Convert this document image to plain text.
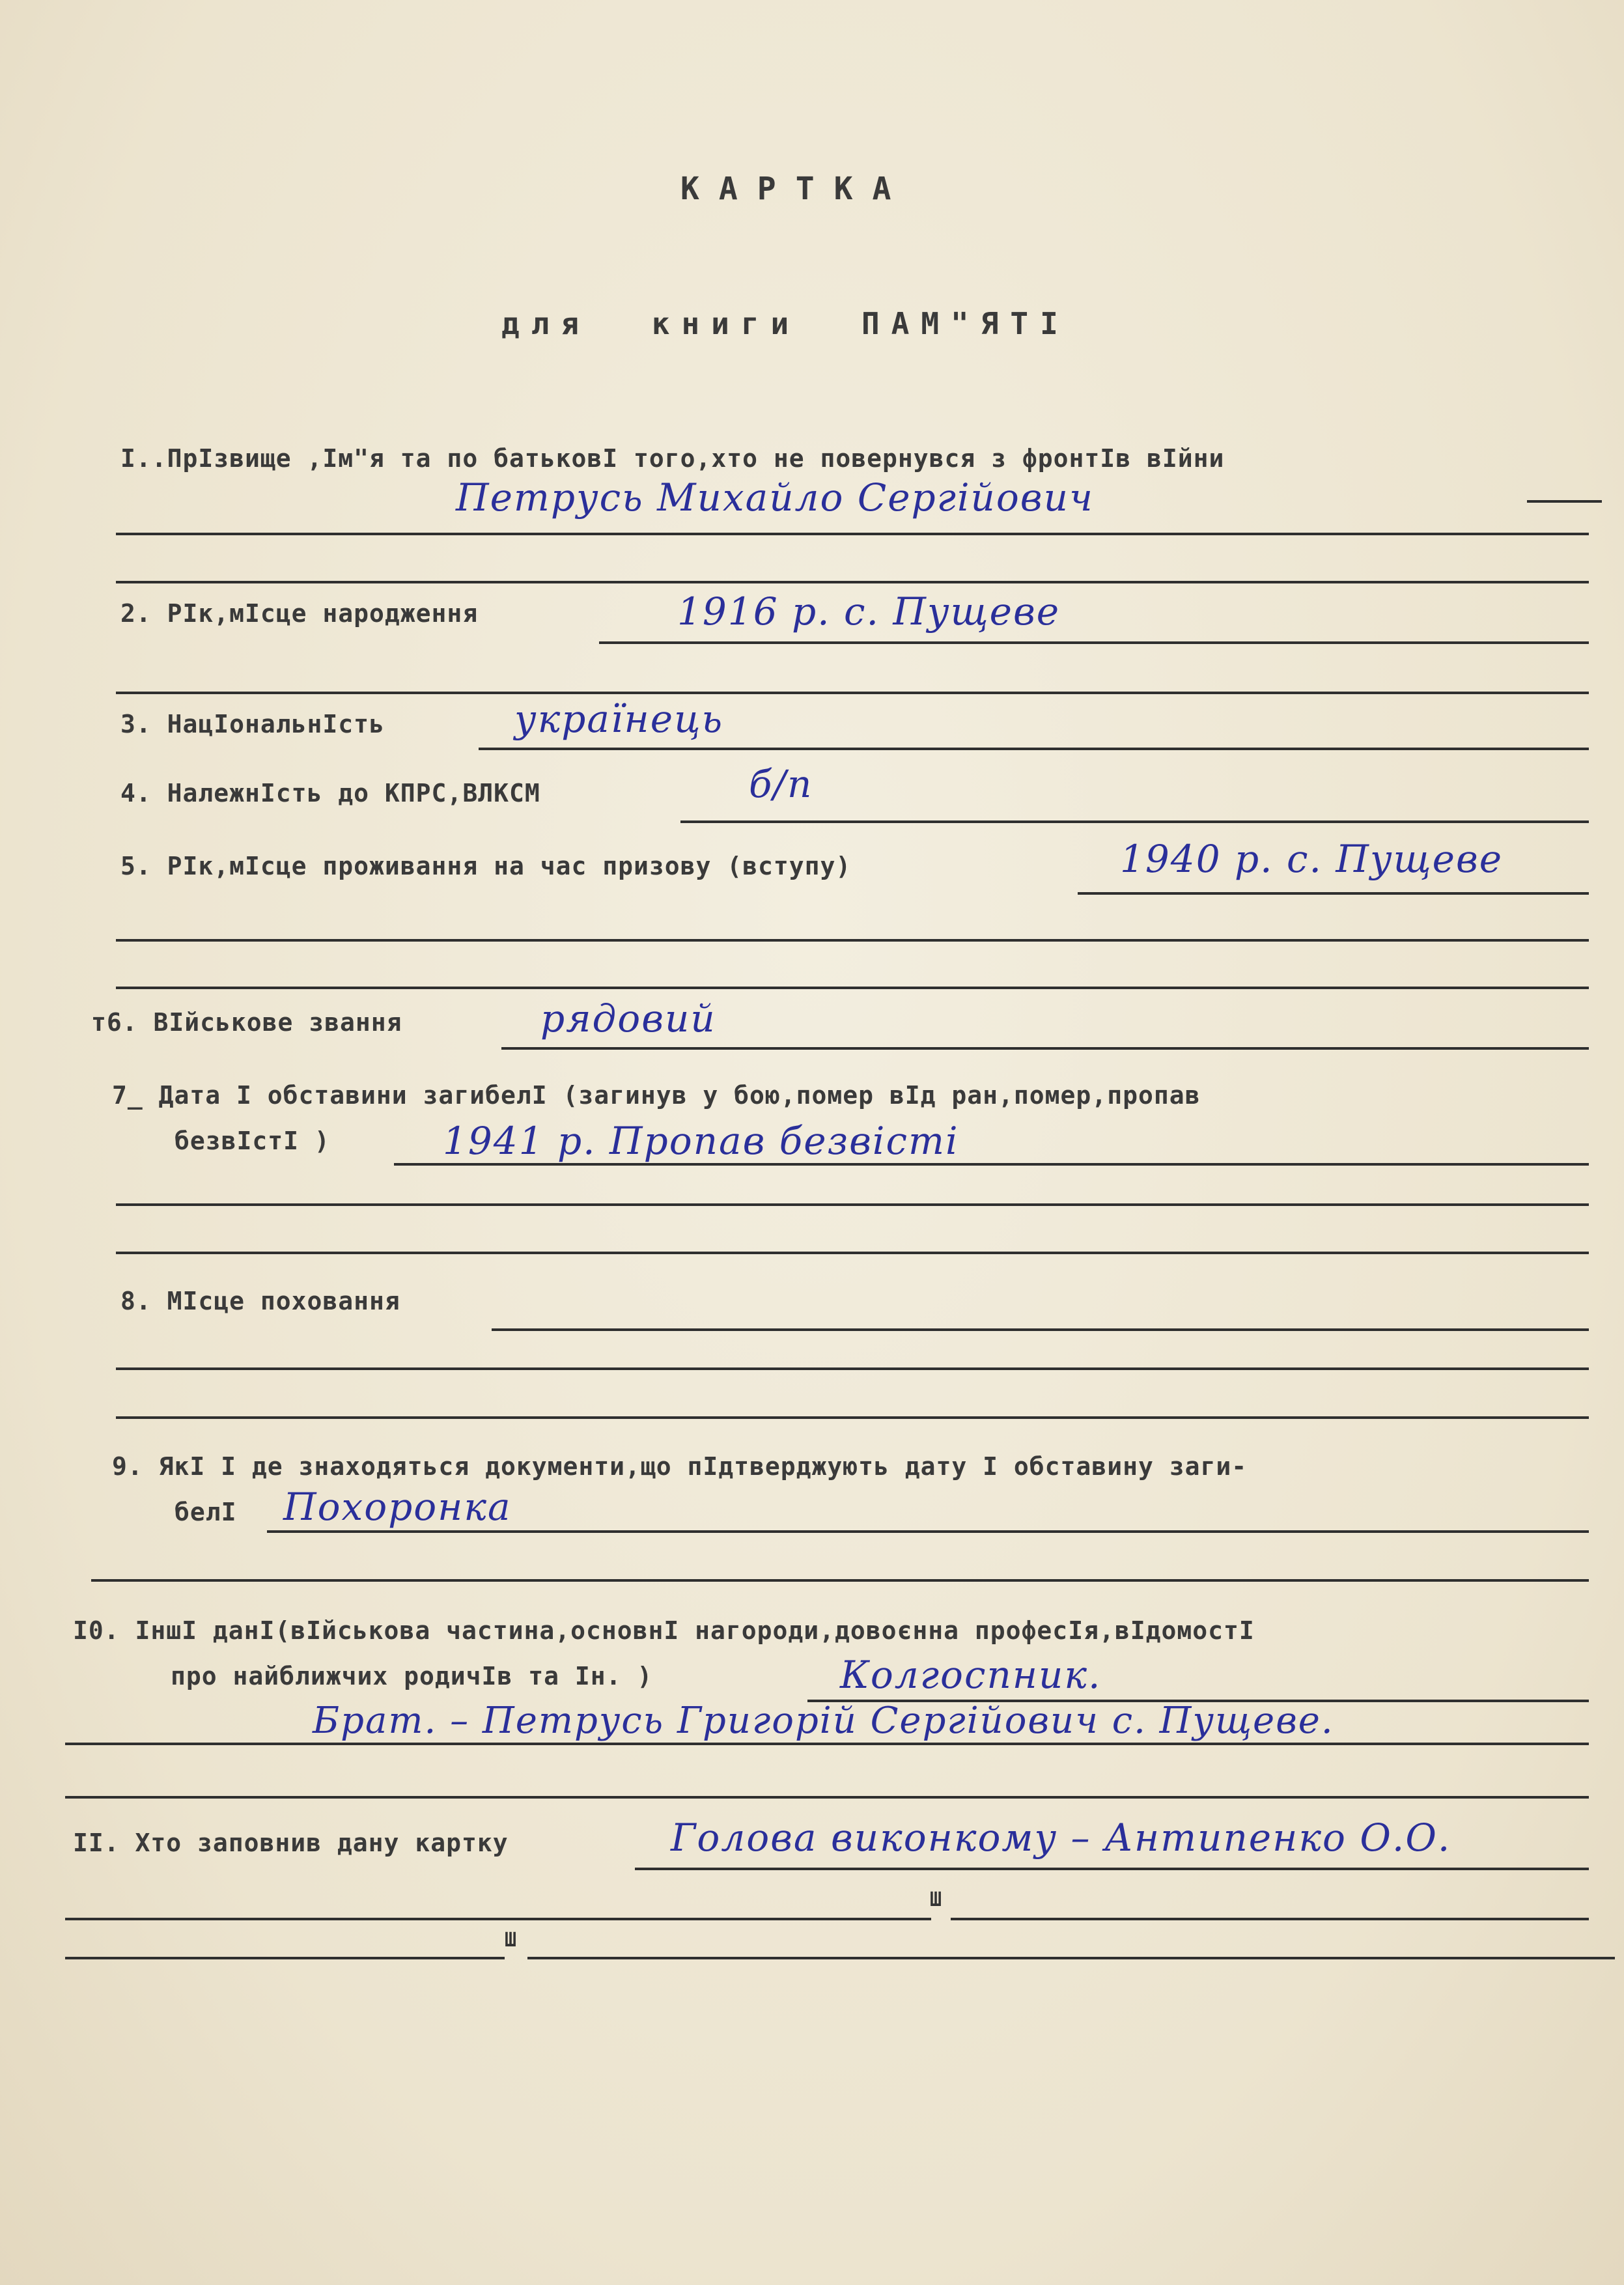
КАРТКА
для книги ПАМ"ЯТІ
І..ПрІзвище ,Ім"я та по батьковІ того,хто не повернувся з фронтІв вІйни
Петрусь Михайло Сергійович
2. РІк,мІсце народження	1916 р. с. Пущеве
3. НацІональнІсть	українець
4. НалежнІсть до КПРС,ВЛКСМ	б/п
5. РІк,мІсце проживання на час призову (вступу)	1940 р. с. Пущеве
т6. ВІйськове звання	рядовий
7_ Дата І обставини загибелІ (загинув у бою,помер вІд ран,помер,пропав
безвІстІ )	1941 р. Пропав безвісті
8. МІсце поховання
9. ЯкІ І де знаходяться документи,що пІдтверджують дату І обставину заги-
белІ Похоронка
І0. ІншІ данІ(вІйськова частина,основнІ нагороди,довоєнна професІя,вІдомостІ
про найближчих родичІв та Ін. )	Колгоспник.
Брат. – Петрусь Григорій Сергійович с. Пущеве.
ІІ. Хто заповнив дану картку	Голова виконкому – Антипенко О.О.
Ш
Ш
